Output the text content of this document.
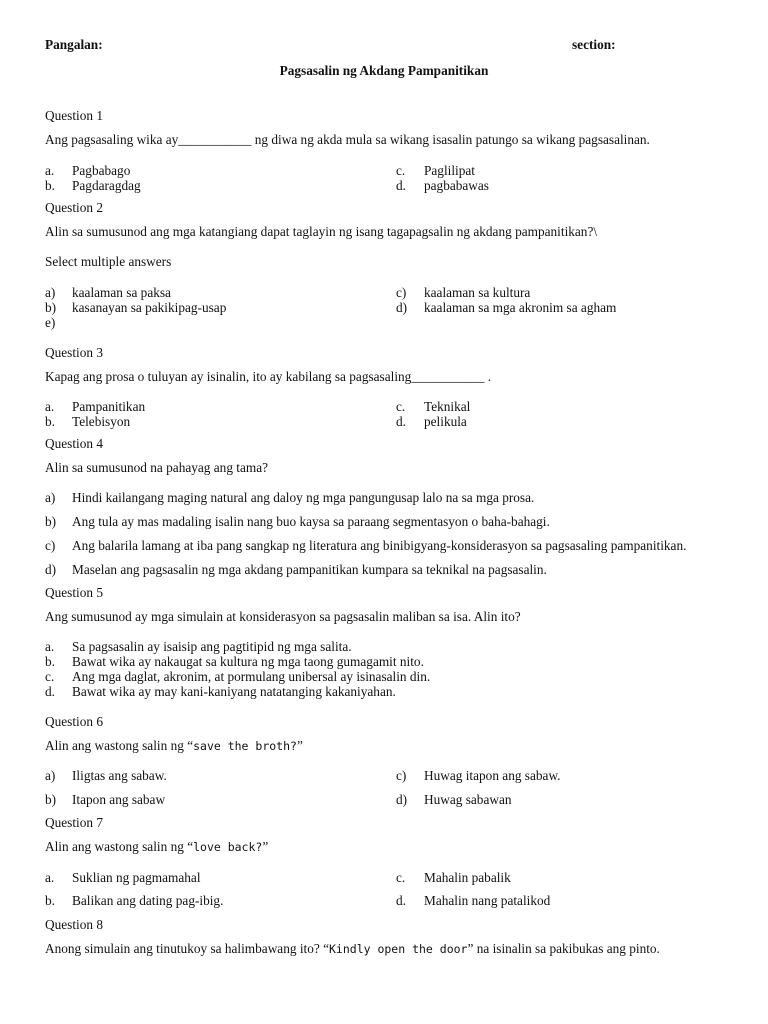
Pangalan:	section:
Pagsasalin ng Akdang Pampanitikan
Question 1
Ang pagsasaling wika ay___________ ng diwa ng akda mula sa wikang isasalin patungo sa wikang pagsasalinan.
a. Pagbabago
b. Pagdaragdag
c. Paglilipat
d. pagbabawas
Question 2
Alin sa sumusunod ang mga katangiang dapat taglayin ng isang tagapagsalin ng akdang pampanitikan?\
Select multiple answers
a) kaalaman sa paksa
b) kasanayan sa pakikipag-usap
e)
c) kaalaman sa kultura
d) kaalaman sa mga akronim sa agham
Question 3
Kapag ang prosa o tuluyan ay isinalin, ito ay kabilang sa pagsasaling___________ .
a. Pampanitikan
b. Telebisyon
c. Teknikal
d. pelikula
Question 4
Alin sa sumusunod na pahayag ang tama?
a) Hindi kailangang maging natural ang daloy ng mga pangungusap lalo na sa mga prosa.
b) Ang tula ay mas madaling isalin nang buo kaysa sa paraang segmentasyon o baha-bahagi.
c) Ang balarila lamang at iba pang sangkap ng literatura ang binibigyang-konsiderasyon sa pagsasaling pampanitikan.
d) Maselan ang pagsasalin ng mga akdang pampanitikan kumpara sa teknikal na pagsasalin.
Question 5
Ang sumusunod ay mga simulain at konsiderasyon sa pagsasalin maliban sa isa. Alin ito?
a. Sa pagsasalin ay isaisip ang pagtitipid ng mga salita.
b. Bawat wika ay nakaugat sa kultura ng mga taong gumagamit nito.
c. Ang mga daglat, akronim, at pormulang unibersal ay isinasalin din.
d. Bawat wika ay may kani-kaniyang natatanging kakaniyahan.
Question 6
Alin ang wastong salin ng “save the broth?”
a) Iligtas ang sabaw.
b) Itapon ang sabaw
c) Huwag itapon ang sabaw.
d) Huwag sabawan
Question 7
Alin ang wastong salin ng “love back?”
a. Suklian ng pagmamahal
b. Balikan ang dating pag-ibig.
c. Mahalin pabalik
d. Mahalin nang patalikod
Question 8
Anong simulain ang tinutukoy sa halimbawang ito? “Kindly open the door” na isinalin sa pakibukas ang pinto.
